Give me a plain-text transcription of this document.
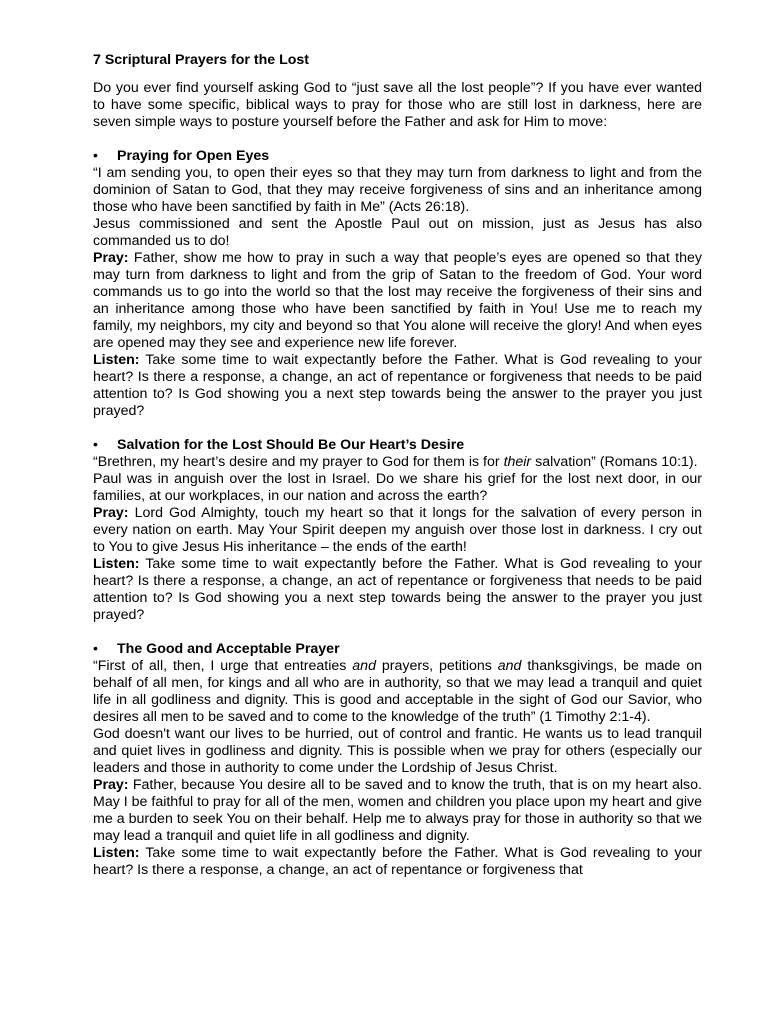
7 Scriptural Prayers for the Lost

Do you ever find yourself asking God to “just save all the lost people”? If you have ever wanted to have some specific, biblical ways to pray for those who are still lost in darkness, here are seven simple ways to posture yourself before the Father and ask for Him to move:

• Praying for Open Eyes

“I am sending you, to open their eyes so that they may turn from darkness to light and from the dominion of Satan to God, that they may receive forgiveness of sins and an inheritance among those who have been sanctified by faith in Me” (Acts 26:18).

Jesus commissioned and sent the Apostle Paul out on mission, just as Jesus has also commanded us to do!

Pray: Father, show me how to pray in such a way that people’s eyes are opened so that they may turn from darkness to light and from the grip of Satan to the freedom of God. Your word commands us to go into the world so that the lost may receive the forgiveness of their sins and an inheritance among those who have been sanctified by faith in You! Use me to reach my family, my neighbors, my city and beyond so that You alone will receive the glory! And when eyes are opened may they see and experience new life forever.

Listen: Take some time to wait expectantly before the Father. What is God revealing to your heart? Is there a response, a change, an act of repentance or forgiveness that needs to be paid attention to? Is God showing you a next step towards being the answer to the prayer you just prayed?

• Salvation for the Lost Should Be Our Heart’s Desire

“Brethren, my heart’s desire and my prayer to God for them is for their salvation” (Romans 10:1).

Paul was in anguish over the lost in Israel. Do we share his grief for the lost next door, in our families, at our workplaces, in our nation and across the earth?

Pray: Lord God Almighty, touch my heart so that it longs for the salvation of every person in every nation on earth. May Your Spirit deepen my anguish over those lost in darkness. I cry out to You to give Jesus His inheritance – the ends of the earth!

Listen: Take some time to wait expectantly before the Father. What is God revealing to your heart? Is there a response, a change, an act of repentance or forgiveness that needs to be paid attention to? Is God showing you a next step towards being the answer to the prayer you just prayed?

• The Good and Acceptable Prayer

“First of all, then, I urge that entreaties and prayers, petitions and thanksgivings, be made on behalf of all men, for kings and all who are in authority, so that we may lead a tranquil and quiet life in all godliness and dignity. This is good and acceptable in the sight of God our Savior, who desires all men to be saved and to come to the knowledge of the truth” (1 Timothy 2:1-4).

God doesn't want our lives to be hurried, out of control and frantic. He wants us to lead tranquil and quiet lives in godliness and dignity. This is possible when we pray for others (especially our leaders and those in authority to come under the Lordship of Jesus Christ.

Pray: Father, because You desire all to be saved and to know the truth, that is on my heart also. May I be faithful to pray for all of the men, women and children you place upon my heart and give me a burden to seek You on their behalf. Help me to always pray for those in authority so that we may lead a tranquil and quiet life in all godliness and dignity.

Listen: Take some time to wait expectantly before the Father. What is God revealing to your heart? Is there a response, a change, an act of repentance or forgiveness that
